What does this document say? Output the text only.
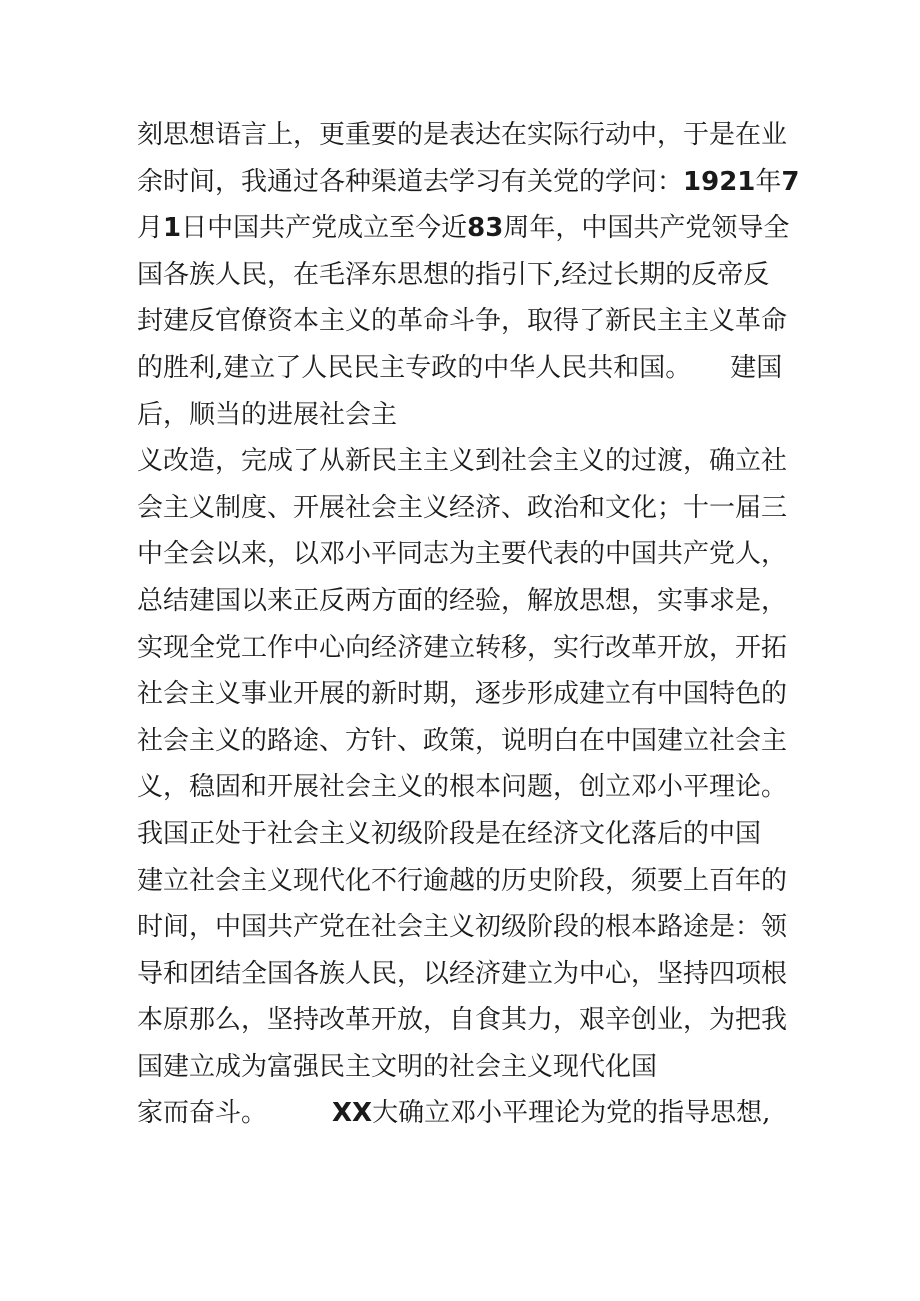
刻思想语言上，更重要的是表达在实际行动中，于是在业
余时间，我通过各种渠道去学习有关党的学问：1921年7
月1日中国共产党成立至今近83周年，中国共产党领导全
国各族人民，在毛泽东思想的指引下,经过长期的反帝反
封建反官僚资本主义的革命斗争，取得了新民主主义革命
的胜利,建立了人民民主专政的中华人民共和国。　　建国
后，顺当的进展社会主
义改造，完成了从新民主主义到社会主义的过渡，确立社
会主义制度、开展社会主义经济、政治和文化；十一届三
中全会以来，以邓小平同志为主要代表的中国共产党人，
总结建国以来正反两方面的经验，解放思想，实事求是，
实现全党工作中心向经济建立转移，实行改革开放，开拓
社会主义事业开展的新时期，逐步形成建立有中国特色的
社会主义的路途、方针、政策，说明白在中国建立社会主
义，稳固和开展社会主义的根本问题，创立邓小平理论。
我国正处于社会主义初级阶段是在经济文化落后的中国
建立社会主义现代化不行逾越的历史阶段，须要上百年的
时间，中国共产党在社会主义初级阶段的根本路途是：领
导和团结全国各族人民，以经济建立为中心，坚持四项根
本原那么，坚持改革开放，自食其力，艰辛创业，为把我
国建立成为富强民主文明的社会主义现代化国
家而奋斗。　　　XX大确立邓小平理论为党的指导思想,
